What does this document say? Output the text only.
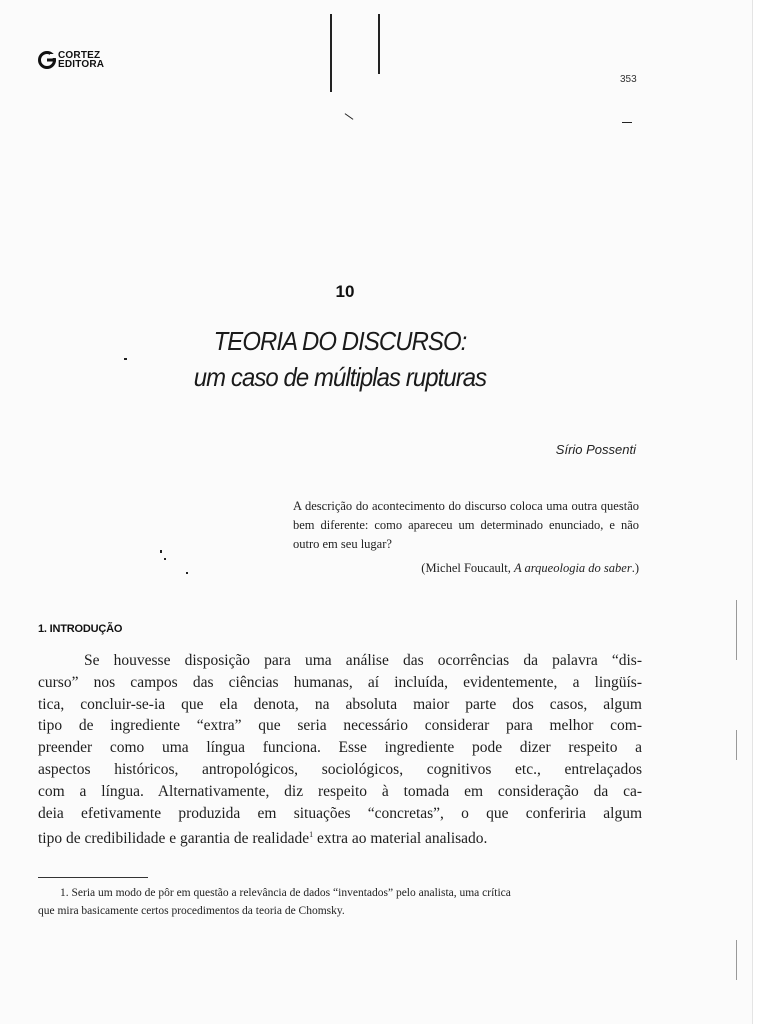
CORTEZ
EDITORA
353
10
TEORIA DO DISCURSO:
um caso de múltiplas rupturas
Sírio Possenti

A descrição do acontecimento do discurso coloca uma outra questão bem diferente: como apareceu um determinado enunciado, e não outro em seu lugar?

(Michel Foucault, A arqueologia do saber.)

1. INTRODUÇÃO
Se houvesse disposição para uma análise das ocorrências da palavra “dis-
curso” nos campos das ciências humanas, aí incluída, evidentemente, a lingüís-
tica, concluir-se-ia que ela denota, na absoluta maior parte dos casos, algum
tipo de ingrediente “extra” que seria necessário considerar para melhor com-
preender como uma língua funciona. Esse ingrediente pode dizer respeito a
aspectos históricos, antropológicos, sociológicos, cognitivos etc., entrelaçados
com a língua. Alternativamente, diz respeito à tomada em consideração da ca-
deia efetivamente produzida em situações “concretas”, o que conferiria algum
tipo de credibilidade e garantia de realidade$^1$ extra ao material analisado.
1. Seria um modo de pôr em questão a relevância de dados “inventados” pelo analista, uma crítica
que mira basicamente certos procedimentos da teoria de Chomsky.
